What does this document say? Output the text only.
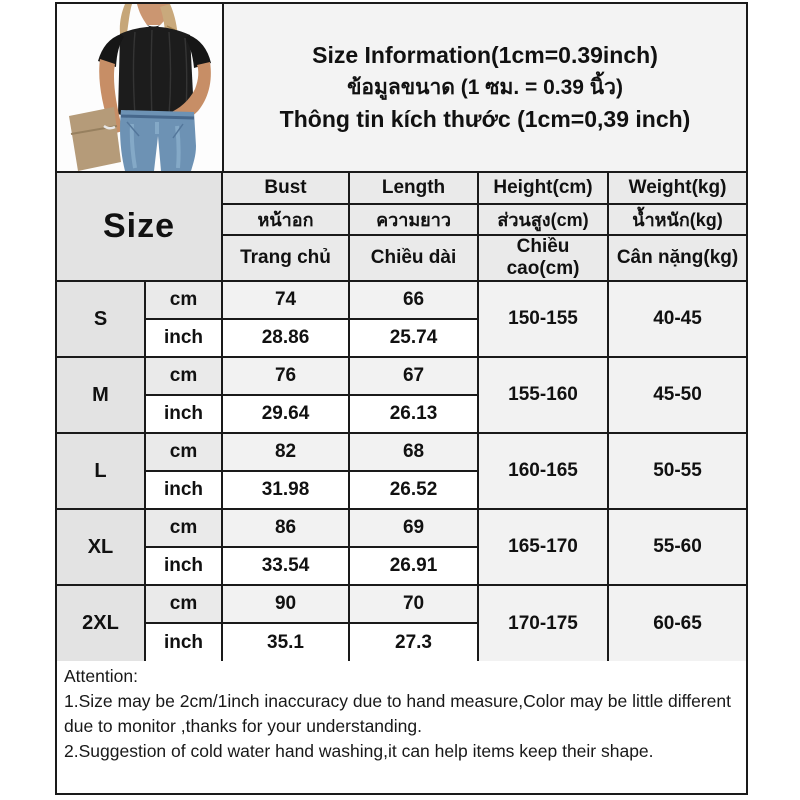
Size Information(1cm=0.39inch)
ข้อมูลขนาด (1 ซม. = 0.39 นิ้ว)
Thông tin kích thước (1cm=0,39 inch)
Size		Bust	Length	Height(cm)	Weight(kg)
		หน้าอก	ความยาว	ส่วนสูง(cm)	น้ำหนัก(kg)
		Trang chủ	Chiều dài	Chiều cao(cm)	Cân nặng(kg)
S	cm	74	66	150-155	40-45
	inch	28.86	25.74		
M	cm	76	67	155-160	45-50
	inch	29.64	26.13		
L	cm	82	68	160-165	50-55
	inch	31.98	26.52		
XL	cm	86	69	165-170	55-60
	inch	33.54	26.91		
2XL	cm	90	70	170-175	60-65
	inch	35.1	27.3		
Attention:
1.Size may be 2cm/1inch inaccuracy due to hand measure,Color may be little different due to monitor ,thanks for your understanding.
2.Suggestion of cold water hand washing,it can help items keep their shape.
